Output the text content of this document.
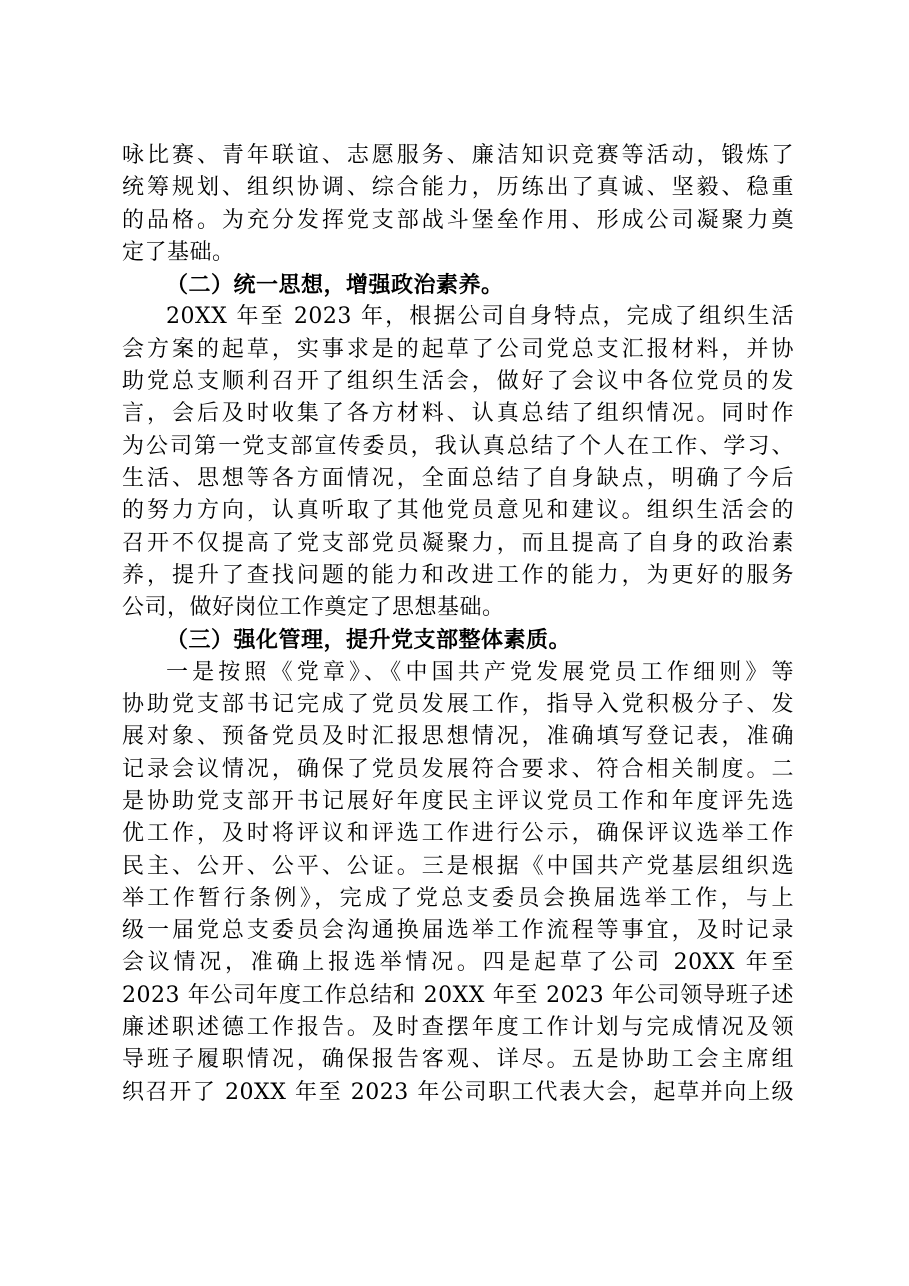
咏比赛、青年联谊、志愿服务、廉洁知识竞赛等活动，锻炼了
统筹规划、组织协调、综合能力，历练出了真诚、坚毅、稳重
的品格。为充分发挥党支部战斗堡垒作用、形成公司凝聚力奠
定了基础。
（二）统一思想，增强政治素养。
20XX 年至 2023 年，根据公司自身特点，完成了组织生活
会方案的起草，实事求是的起草了公司党总支汇报材料，并协
助党总支顺利召开了组织生活会，做好了会议中各位党员的发
言，会后及时收集了各方材料、认真总结了组织情况。同时作
为公司第一党支部宣传委员，我认真总结了个人在工作、学习、
生活、思想等各方面情况，全面总结了自身缺点，明确了今后
的努力方向，认真听取了其他党员意见和建议。组织生活会的
召开不仅提高了党支部党员凝聚力，而且提高了自身的政治素
养，提升了查找问题的能力和改进工作的能力，为更好的服务
公司，做好岗位工作奠定了思想基础。
（三）强化管理，提升党支部整体素质。
一是按照《党章》、《中国共产党发展党员工作细则》等
协助党支部书记完成了党员发展工作，指导入党积极分子、发
展对象、预备党员及时汇报思想情况，准确填写登记表，准确
记录会议情况，确保了党员发展符合要求、符合相关制度。二
是协助党支部开书记展好年度民主评议党员工作和年度评先选
优工作，及时将评议和评选工作进行公示，确保评议选举工作
民主、公开、公平、公证。三是根据《中国共产党基层组织选
举工作暂行条例》，完成了党总支委员会换届选举工作，与上
级一届党总支委员会沟通换届选举工作流程等事宜，及时记录
会议情况，准确上报选举情况。四是起草了公司 20XX 年至
2023 年公司年度工作总结和 20XX 年至 2023 年公司领导班子述
廉述职述德工作报告。及时查摆年度工作计划与完成情况及领
导班子履职情况，确保报告客观、详尽。五是协助工会主席组
织召开了 20XX 年至 2023 年公司职工代表大会，起草并向上级
